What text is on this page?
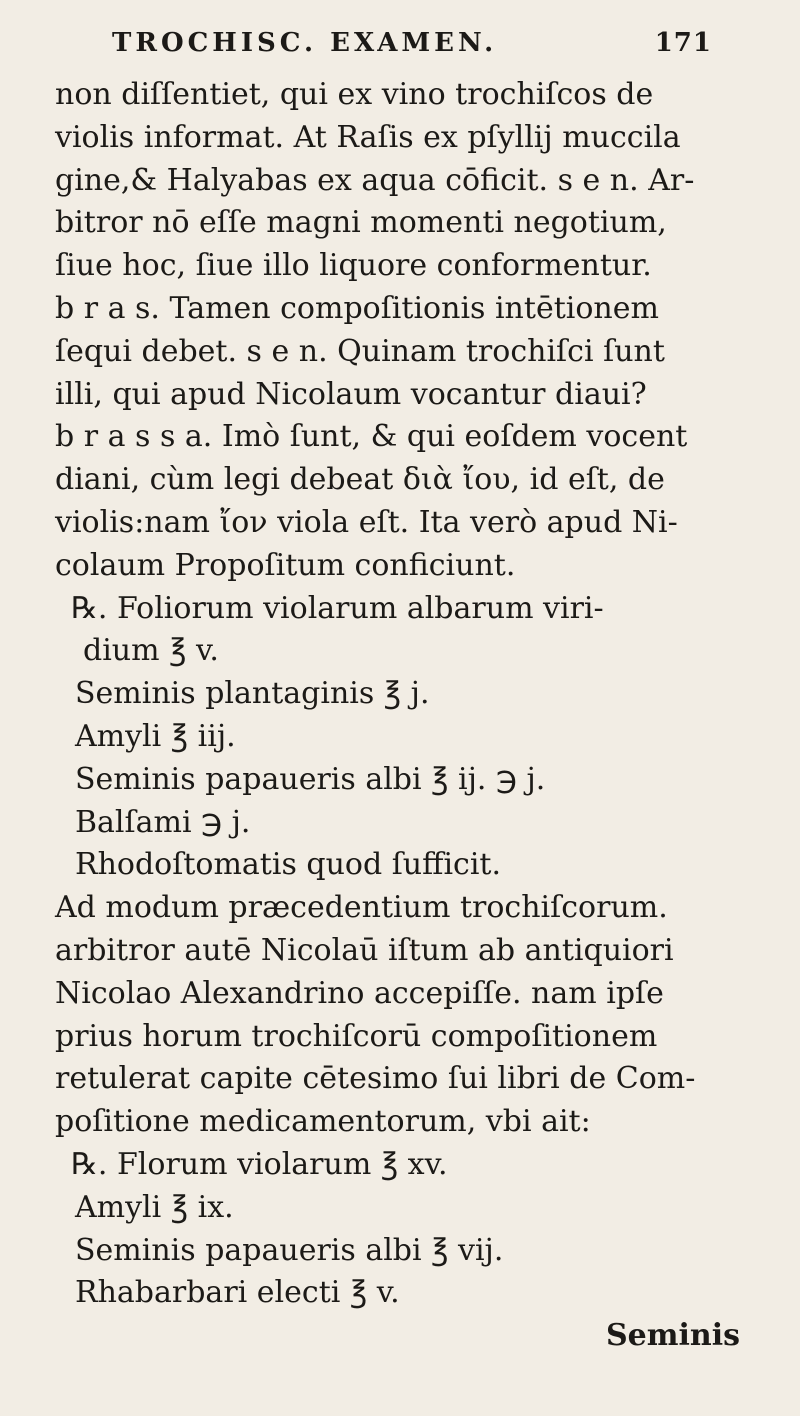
TROCHISC. EXAMEN.	171
non diſſentiet, qui ex vino trochiſcos de
violis informat. At Raſis ex pſyllij muccila
gine,& Halyabas ex aqua cōficit. s e n. Ar-
bitror nō eſſe magni momenti negotium,
ſiue hoc, ſiue illo liquore conformentur.
b r a s. Tamen compoſitionis intētionem
ſequi debet. s e n. Quinam trochiſci ſunt
illi, qui apud Nicolaum vocantur diaui?
b r a s s a. Imò ſunt, & qui eoſdem vocent
diani, cùm legi debeat διὰ ἴου, id eſt, de
violis:nam ἴον viola eſt. Ita verò apud Ni-
colaum Propoſitum conficiunt.
℞. Foliorum violarum albarum viri-
dium ℥ v.
Seminis plantaginis ℥ j.
Amyli ℥ iij.
Seminis papaueris albi ℥ ij. ℈ j.
Balſami ℈ j.
Rhodoſtomatis quod ſufficit.
Ad modum præcedentium trochiſcorum.
arbitror autē Nicolaū iſtum ab antiquiori
Nicolao Alexandrino accepiſſe. nam ipſe
prius horum trochiſcorū compoſitionem
retulerat capite cētesimo ſui libri de Com-
poſitione medicamentorum, vbi ait:
℞. Florum violarum ℥ xv.
Amyli ℥ ix.
Seminis papaueris albi ℥ vij.
Rhabarbari electi ℥ v.
Seminis
